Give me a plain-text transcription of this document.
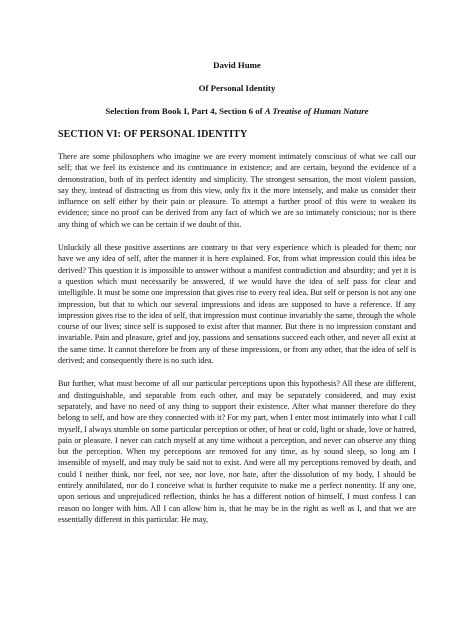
David Hume
Of Personal Identity
Selection from Book I, Part 4, Section 6 of A Treatise of Human Nature
SECTION VI: OF PERSONAL IDENTITY

There are some philosophers who imagine we are every moment intimately conscious of what we call our self; that we feel its existence and its continuance in existence; and are certain, beyond the evidence of a demonstration, both of its perfect identity and simplicity. The strongest sensation, the most violent passion, say they, instead of distracting us from this view, only fix it the more intensely, and make us consider their influence on self either by their pain or pleasure. To attempt a further proof of this were to weaken its evidence; since no proof can be derived from any fact of which we are so intimately conscious; nor is there any thing of which we can be certain if we doubt of this.

Unluckily all these positive assertions are contrary to that very experience which is pleaded for them; nor have we any idea of self, after the manner it is here explained. For, from what impression could this idea be derived? This question it is impossible to answer without a manifest contradiction and absurdity; and yet it is a question which must necessarily be answered, if we would have the idea of self pass for clear and intelligible. It must be some one impression that gives rise to every real idea. But self or person is not any one impression, but that to which our several impressions and ideas are supposed to have a reference. If any impression gives rise to the idea of self, that impression must continue invariably the same, through the whole course of our lives; since self is supposed to exist after that manner. But there is no impression constant and invariable. Pain and pleasure, grief and joy, passions and sensations succeed each other, and never all exist at the same time. It cannot therefore be from any of these impressions, or from any other, that the idea of self is derived; and consequently there is no such idea.

But further, what must become of all our particular perceptions upon this hypothesis? All these are different, and distinguishable, and separable from each other, and may be separately considered, and may exist separately, and have no need of any thing to support their existence. After what manner therefore do they belong to self, and how are they connected with it? For my part, when I enter most intimately into what I call myself, I always stumble on some particular perception or other, of heat or cold, light or shade, love or hatred, pain or pleasure. I never can catch myself at any time without a perception, and never can observe any thing but the perception. When my perceptions are removed for any time, as by sound sleep, so long am I insensible of myself, and may truly be said not to exist. And were all my perceptions removed by death, and could I neither think, nor feel, nor see, nor love, nor hate, after the dissolution of my body, I should be entirely annihilated, nor do I conceive what is further requisite to make me a perfect nonentity. If any one, upon serious and unprejudiced reflection, thinks he has a different notion of himself, I must confess I can reason no longer with him. All I can allow him is, that he may be in the right as well as I, and that we are essentially different in this particular. He may,
